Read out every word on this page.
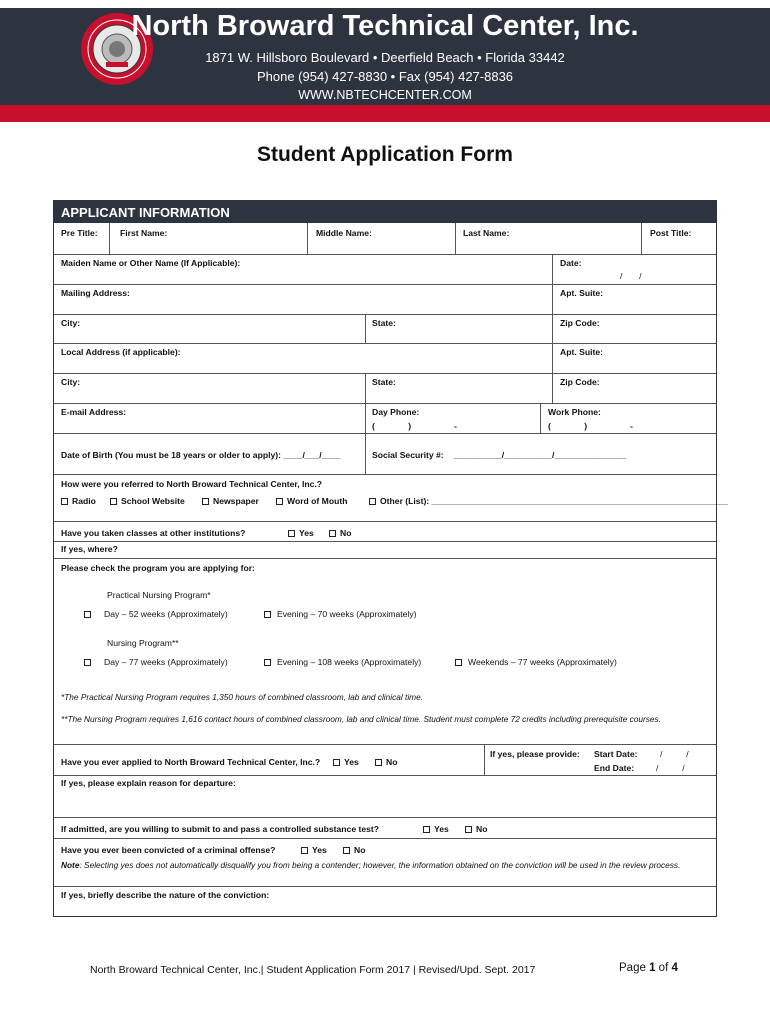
North Broward Technical Center, Inc.
1871 W. Hillsboro Boulevard • Deerfield Beach • Florida 33442
Phone (954) 427-8830 • Fax (954) 427-8836
WWW.NBTECHCENTER.COM
Student Application Form
APPLICANT INFORMATION
Pre Title:	First Name:	Middle Name:	Last Name:	Post Title:
Maiden Name or Other Name (If Applicable):	Date:
/       /
Mailing Address:	Apt. Suite:
City:	State:	Zip Code:
Local Address (if applicable):	Apt. Suite:
City:	State:	Zip Code:
E-mail Address:	Day Phone:
(              )                  -
Work Phone:
(              )                  -
Date of Birth (You must be 18 years or older to apply): ____/___/____	Social Security #: __________/__________/_______________
How were you referred to North Broward Technical Center, Inc.?
Radio	School Website	Newspaper	Word of Mouth	Other (List): ______________________________________________________________
Have you taken classes at other institutions?	Yes	No
If yes, where?
Please check the program you are applying for:
Practical Nursing Program*
Day – 52 weeks (Approximately)	Evening – 70 weeks (Approximately)
Nursing Program**
Day – 77 weeks (Approximately)	Evening – 108 weeks (Approximately)	Weekends – 77 weeks (Approximately)
*The Practical Nursing Program requires 1,350 hours of combined classroom, lab and clinical time.
**The Nursing Program requires 1,616 contact hours of combined classroom, lab and clinical time. Student must complete 72 credits including prerequisite courses.
Have you ever applied to North Broward Technical Center, Inc.?	Yes	No
If yes, please provide: Start Date:	/          /
End Date:	/          /
If yes, please explain reason for departure:
If admitted, are you willing to submit to and pass a controlled substance test?	Yes	No
Have you ever been convicted of a criminal offense?	Yes	No
Note: Selecting yes does not automatically disqualify you from being a contender; however, the information obtained on the conviction will be used in the review process.
If yes, briefly describe the nature of the conviction:
North Broward Technical Center, Inc.| Student Application Form 2017 | Revised/Upd. Sept. 2017	Page 1 of 4
